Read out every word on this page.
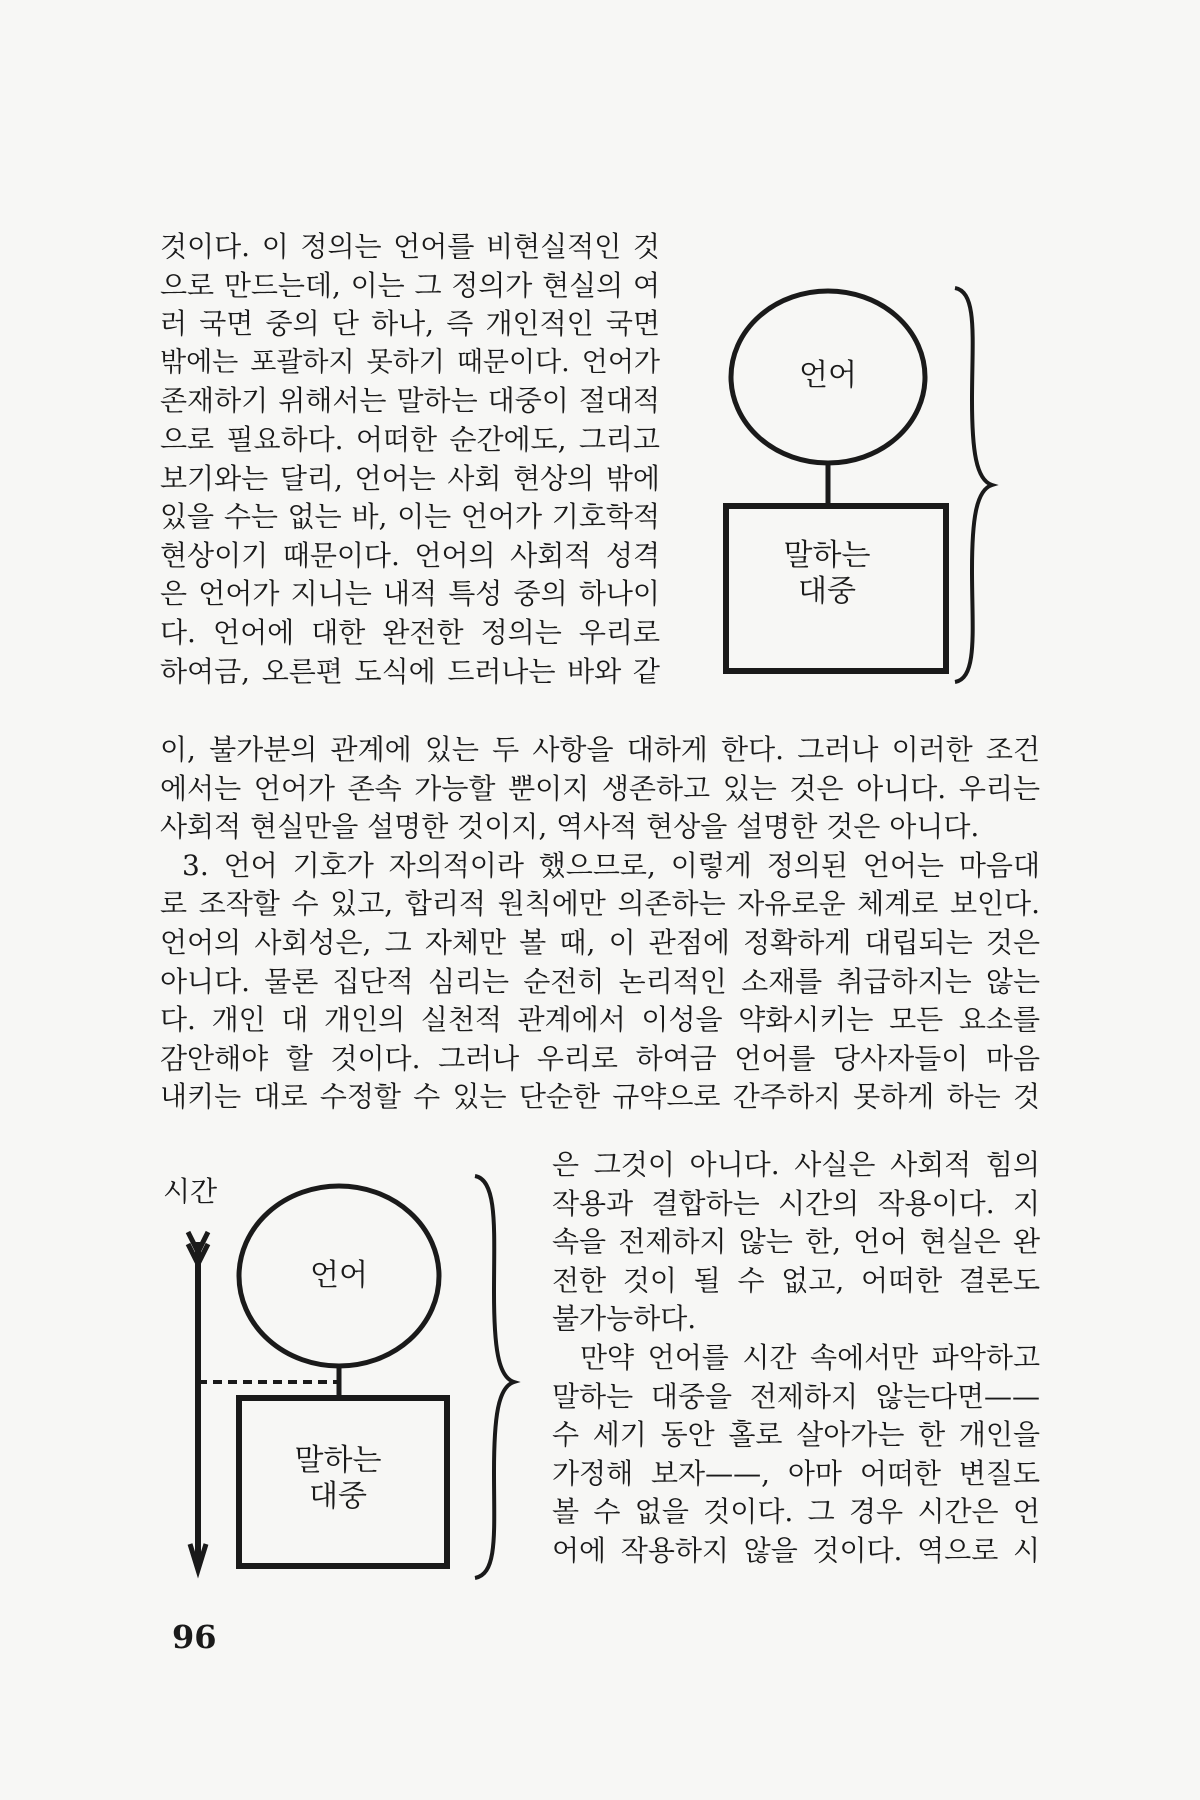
것이다. 이 정의는 언어를 비현실적인 것
으로 만드는데, 이는 그 정의가 현실의 여
러 국면 중의 단 하나, 즉 개인적인 국면
밖에는 포괄하지 못하기 때문이다. 언어가
존재하기 위해서는 말하는 대중이 절대적
으로 필요하다. 어떠한 순간에도, 그리고
보기와는 달리, 언어는 사회 현상의 밖에
있을 수는 없는 바, 이는 언어가 기호학적
현상이기 때문이다. 언어의 사회적 성격
은 언어가 지니는 내적 특성 중의 하나이
다. 언어에 대한 완전한 정의는 우리로
하여금, 오른편 도식에 드러나는 바와 같
언어
말하는
대중
이, 불가분의 관계에 있는 두 사항을 대하게 한다. 그러나 이러한 조건
에서는 언어가 존속 가능할 뿐이지 생존하고 있는 것은 아니다. 우리는
사회적 현실만을 설명한 것이지, 역사적 현상을 설명한 것은 아니다.
3. 언어 기호가 자의적이라 했으므로, 이렇게 정의된 언어는 마음대
로 조작할 수 있고, 합리적 원칙에만 의존하는 자유로운 체계로 보인다.
언어의 사회성은, 그 자체만 볼 때, 이 관점에 정확하게 대립되는 것은
아니다. 물론 집단적 심리는 순전히 논리적인 소재를 취급하지는 않는
다. 개인 대 개인의 실천적 관계에서 이성을 약화시키는 모든 요소를
감안해야 할 것이다. 그러나 우리로 하여금 언어를 당사자들이 마음
내키는 대로 수정할 수 있는 단순한 규약으로 간주하지 못하게 하는 것
시간
언어
말하는
대중
은 그것이 아니다. 사실은 사회적 힘의
작용과 결합하는 시간의 작용이다. 지
속을 전제하지 않는 한, 언어 현실은 완
전한 것이 될 수 없고, 어떠한 결론도
불가능하다.
만약 언어를 시간 속에서만 파악하고
말하는 대중을 전제하지 않는다면——
수 세기 동안 홀로 살아가는 한 개인을
가정해 보자——, 아마 어떠한 변질도
볼 수 없을 것이다. 그 경우 시간은 언
어에 작용하지 않을 것이다. 역으로 시
96
